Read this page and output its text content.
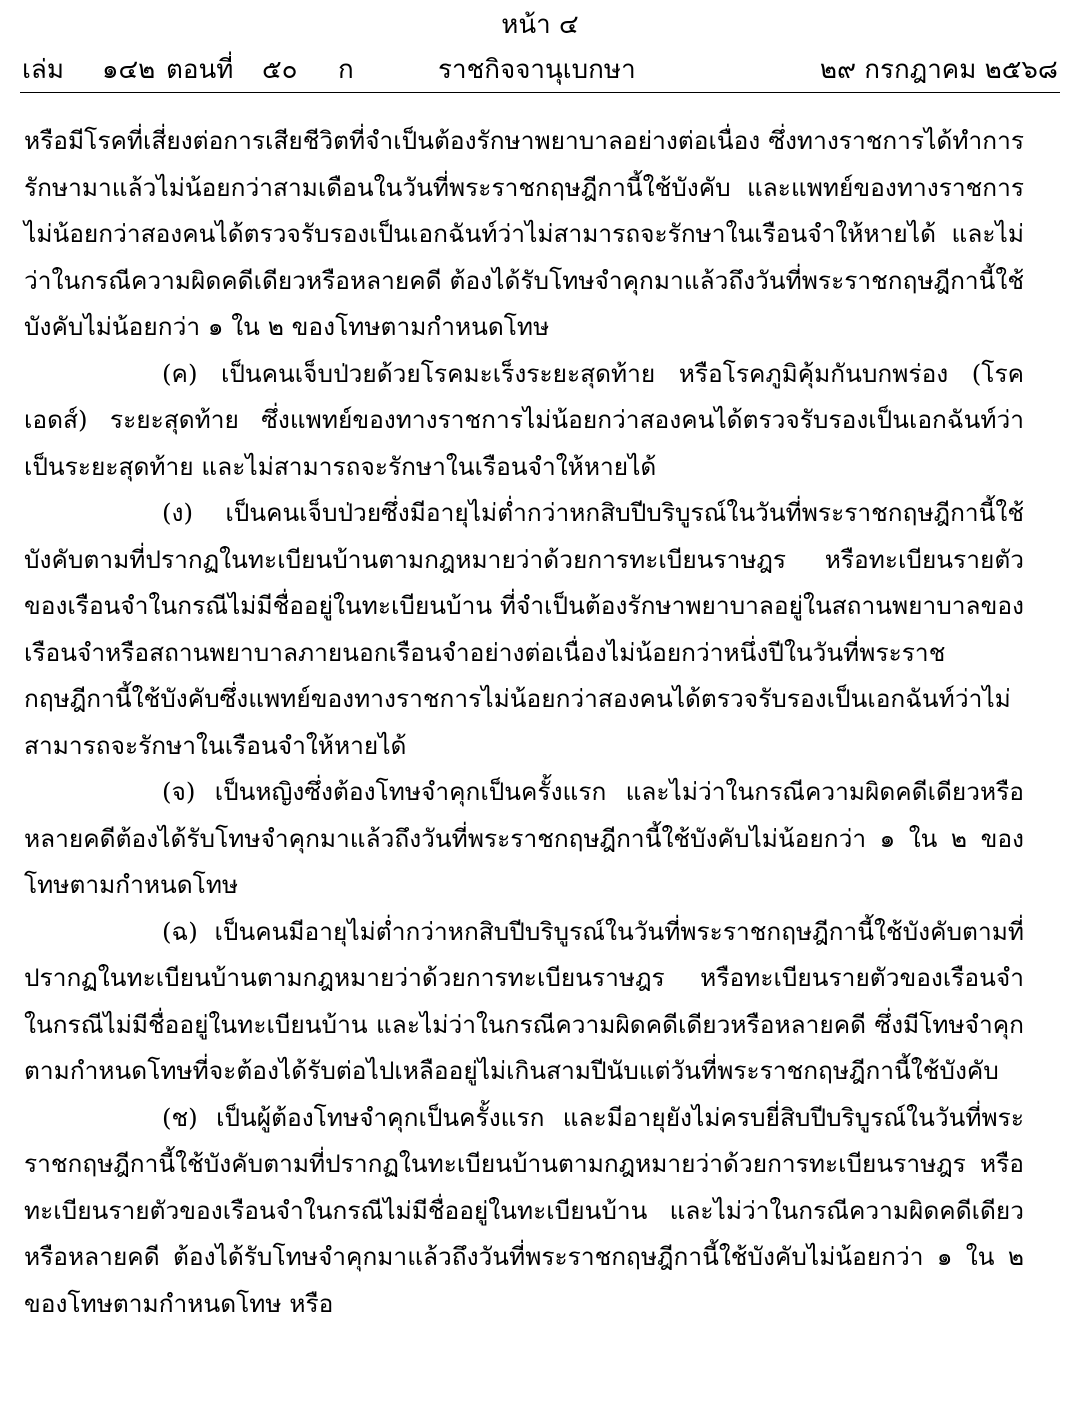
หน้า ๔
เล่ม ๑๔๒ ตอนที่ ๕๐ ก	ราชกิจจานุเบกษา	๒๙ กรกฎาคม ๒๕๖๘

หรือมีโรคที่เสี่ยงต่อการเสียชีวิตที่จำเป็นต้องรักษาพยาบาลอย่างต่อเนื่อง ซึ่งทางราชการได้ทำการรักษามาแล้วไม่น้อยกว่าสามเดือนในวันที่พระราชกฤษฎีกานี้ใช้บังคับ และแพทย์ของทางราชการไม่น้อยกว่าสองคนได้ตรวจรับรองเป็นเอกฉันท์ว่าไม่สามารถจะรักษาในเรือนจำให้หายได้ และไม่ว่าในกรณีความผิดคดีเดียวหรือหลายคดี ต้องได้รับโทษจำคุกมาแล้วถึงวันที่พระราชกฤษฎีกานี้ใช้บังคับไม่น้อยกว่า ๑ ใน ๒ ของโทษตามกำหนดโทษ

(ค) เป็นคนเจ็บป่วยด้วยโรคมะเร็งระยะสุดท้าย หรือโรคภูมิคุ้มกันบกพร่อง (โรคเอดส์) ระยะสุดท้าย ซึ่งแพทย์ของทางราชการไม่น้อยกว่าสองคนได้ตรวจรับรองเป็นเอกฉันท์ว่าเป็นระยะสุดท้าย และไม่สามารถจะรักษาในเรือนจำให้หายได้

(ง) เป็นคนเจ็บป่วยซึ่งมีอายุไม่ต่ำกว่าหกสิบปีบริบูรณ์ในวันที่พระราชกฤษฎีกานี้ใช้บังคับตามที่ปรากฏในทะเบียนบ้านตามกฎหมายว่าด้วยการทะเบียนราษฎร หรือทะเบียนรายตัวของเรือนจำในกรณีไม่มีชื่ออยู่ในทะเบียนบ้าน ที่จำเป็นต้องรักษาพยาบาลอยู่ในสถานพยาบาลของเรือนจำหรือสถานพยาบาลภายนอกเรือนจำอย่างต่อเนื่องไม่น้อยกว่าหนึ่งปีในวันที่พระราชกฤษฎีกานี้ใช้บังคับซึ่งแพทย์ของทางราชการไม่น้อยกว่าสองคนได้ตรวจรับรองเป็นเอกฉันท์ว่าไม่สามารถจะรักษาในเรือนจำให้หายได้

(จ) เป็นหญิงซึ่งต้องโทษจำคุกเป็นครั้งแรก และไม่ว่าในกรณีความผิดคดีเดียวหรือหลายคดีต้องได้รับโทษจำคุกมาแล้วถึงวันที่พระราชกฤษฎีกานี้ใช้บังคับไม่น้อยกว่า ๑ ใน ๒ ของโทษตามกำหนดโทษ

(ฉ) เป็นคนมีอายุไม่ต่ำกว่าหกสิบปีบริบูรณ์ในวันที่พระราชกฤษฎีกานี้ใช้บังคับตามที่ปรากฏในทะเบียนบ้านตามกฎหมายว่าด้วยการทะเบียนราษฎร หรือทะเบียนรายตัวของเรือนจำในกรณีไม่มีชื่ออยู่ในทะเบียนบ้าน และไม่ว่าในกรณีความผิดคดีเดียวหรือหลายคดี ซึ่งมีโทษจำคุกตามกำหนดโทษที่จะต้องได้รับต่อไปเหลืออยู่ไม่เกินสามปีนับแต่วันที่พระราชกฤษฎีกานี้ใช้บังคับ

(ช) เป็นผู้ต้องโทษจำคุกเป็นครั้งแรก และมีอายุยังไม่ครบยี่สิบปีบริบูรณ์ในวันที่พระราชกฤษฎีกานี้ใช้บังคับตามที่ปรากฏในทะเบียนบ้านตามกฎหมายว่าด้วยการทะเบียนราษฎร หรือทะเบียนรายตัวของเรือนจำในกรณีไม่มีชื่ออยู่ในทะเบียนบ้าน และไม่ว่าในกรณีความผิดคดีเดียวหรือหลายคดี ต้องได้รับโทษจำคุกมาแล้วถึงวันที่พระราชกฤษฎีกานี้ใช้บังคับไม่น้อยกว่า ๑ ใน ๒ ของโทษตามกำหนดโทษ หรือ
